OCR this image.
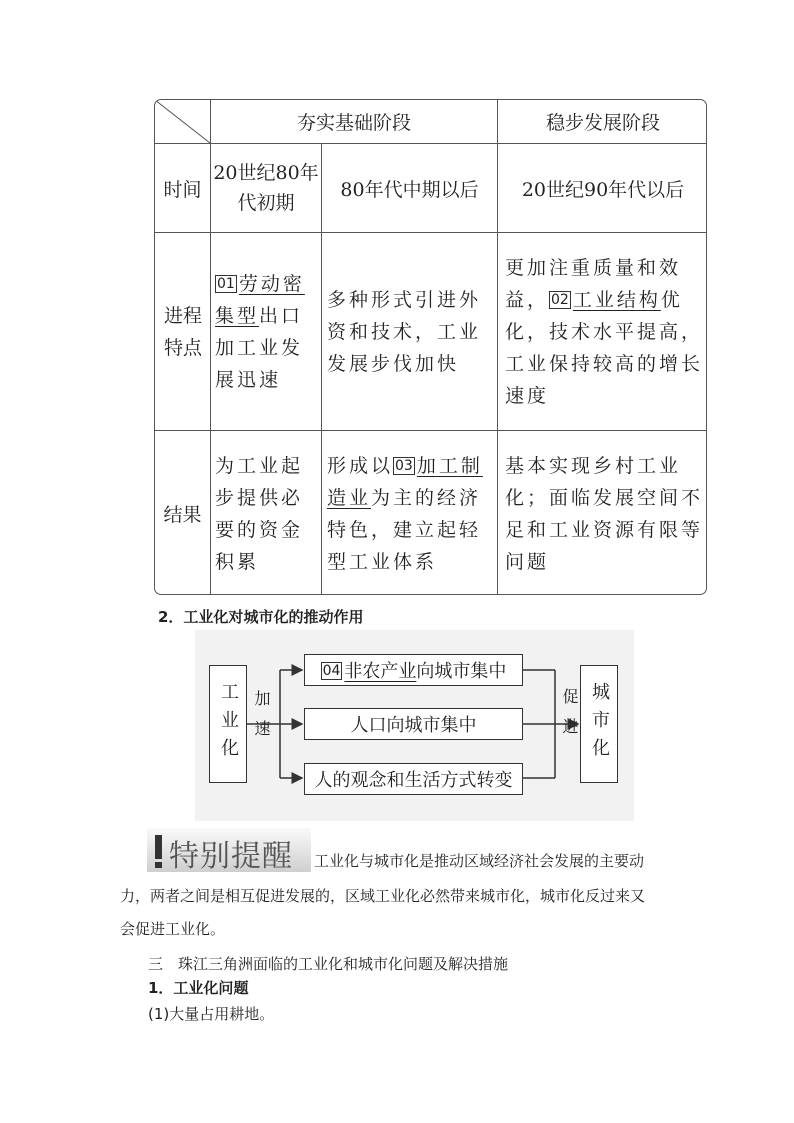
夯实基础阶段	稳步发展阶段
时间
20世纪80年代初期
80年代中期以后	20世纪90年代以后
进程特点
01 劳动密集型出口加工业发展迅速
多种形式引进外资和技术，工业发展步伐加快
更加注重质量和效益， 02 工业结构优化，技术水平提高，工业保持较高的增长速度
结果
为工业起步提供必要的资金积累
形成以 03 加工制造业为主的经济特色，建立起轻型工业体系
基本实现乡村工业化；面临发展空间不足和工业资源有限等问题
2．工业化对城市化的推动作用
工业化 加速
04 非农产业向城市集中
人口向城市集中
人的观念和生活方式转变
促进 城市化
特别提醒 工业化与城市化是推动区域经济社会发展的主要动
力，两者之间是相互促进发展的，区域工业化必然带来城市化，城市化反过来又
会促进工业化。
三　珠江三角洲面临的工业化和城市化问题及解决措施
1．工业化问题
(1)大量占用耕地。
